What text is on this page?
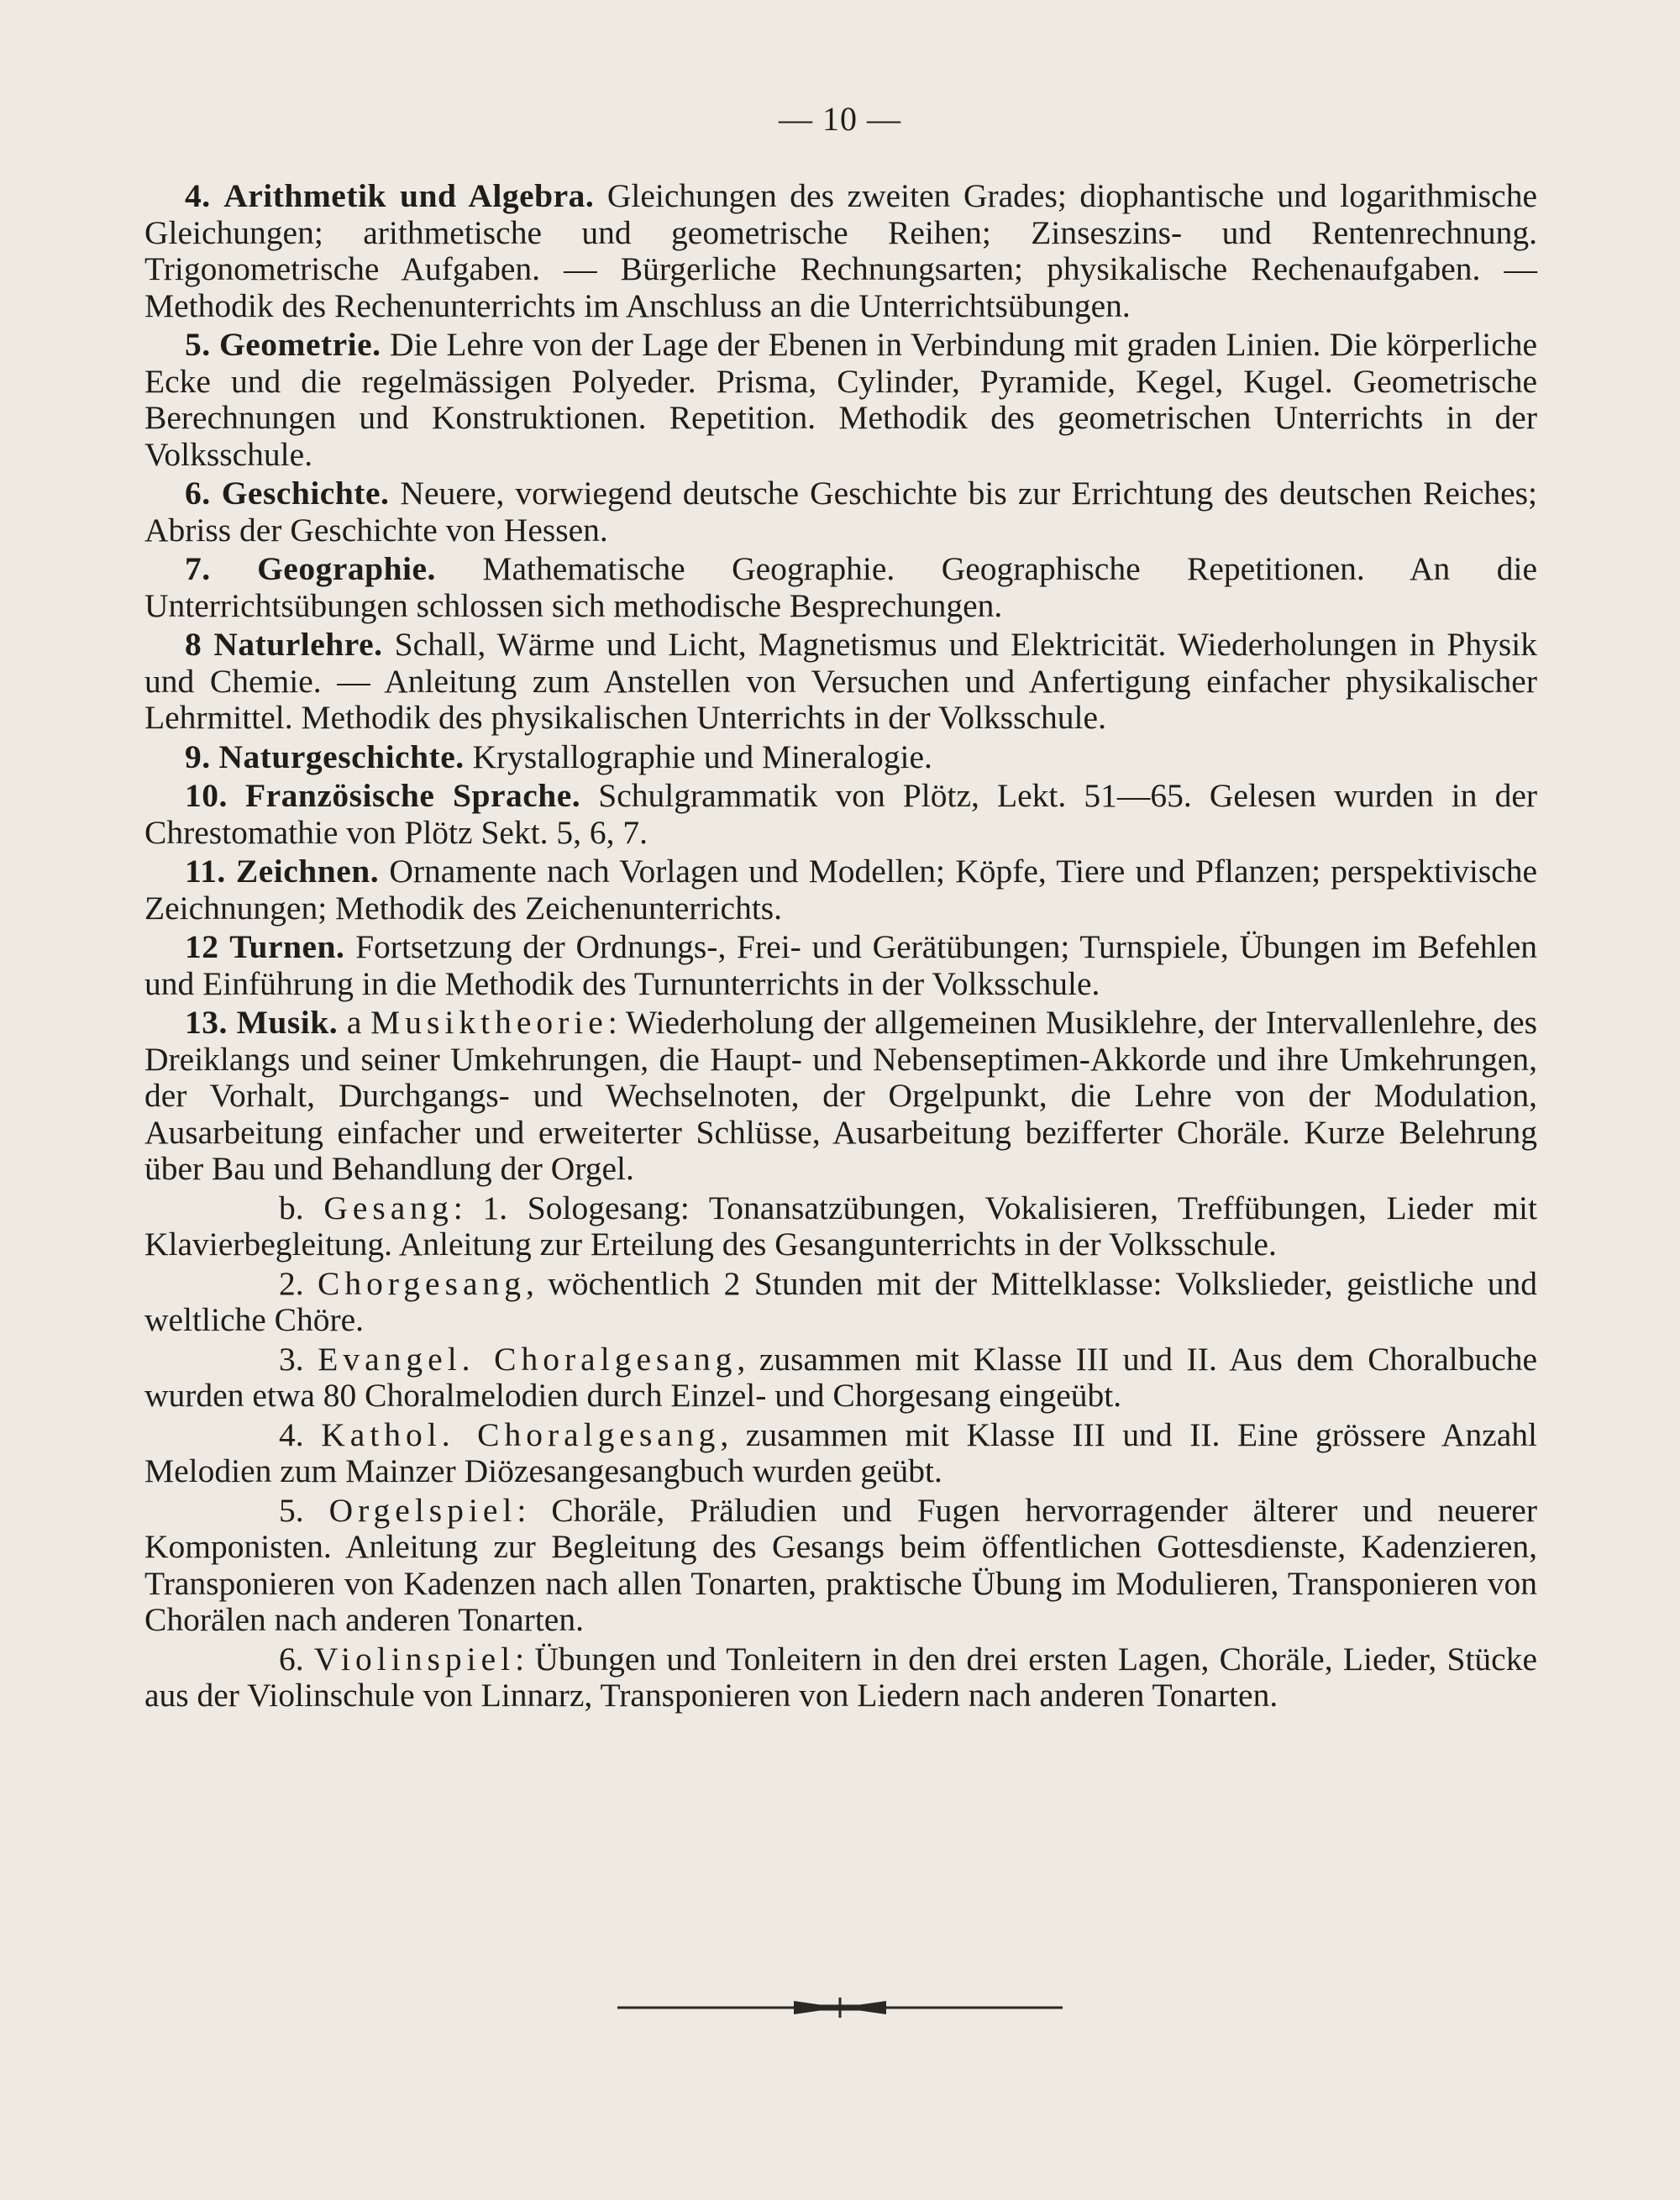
— 10 —

4. Arithmetik und Algebra. Gleichungen des zweiten Grades; diophantische und logarithmische Gleichungen; arithmetische und geometrische Reihen; Zinseszins- und Rentenrechnung. Trigonometrische Aufgaben. — Bürgerliche Rechnungsarten; physikalische Rechenaufgaben. — Methodik des Rechenunterrichts im Anschluss an die Unterrichtsübungen.

5. Geometrie. Die Lehre von der Lage der Ebenen in Verbindung mit graden Linien. Die körperliche Ecke und die regelmässigen Polyeder. Prisma, Cylinder, Pyramide, Kegel, Kugel. Geometrische Berechnungen und Konstruktionen. Repetition. Methodik des geometrischen Unterrichts in der Volksschule.

6. Geschichte. Neuere, vorwiegend deutsche Geschichte bis zur Errichtung des deutschen Reiches; Abriss der Geschichte von Hessen.

7. Geographie. Mathematische Geographie. Geographische Repetitionen. An die Unterrichtsübungen schlossen sich methodische Besprechungen.

8 Naturlehre. Schall, Wärme und Licht, Magnetismus und Elektricität. Wiederholungen in Physik und Chemie. — Anleitung zum Anstellen von Versuchen und Anfertigung einfacher physikalischer Lehrmittel. Methodik des physikalischen Unterrichts in der Volksschule.

9. Naturgeschichte. Krystallographie und Mineralogie.

10. Französische Sprache. Schulgrammatik von Plötz, Lekt. 51—65. Gelesen wurden in der Chrestomathie von Plötz Sekt. 5, 6, 7.

11. Zeichnen. Ornamente nach Vorlagen und Modellen; Köpfe, Tiere und Pflanzen; perspektivische Zeichnungen; Methodik des Zeichenunterrichts.

12 Turnen. Fortsetzung der Ordnungs-, Frei- und Gerätübungen; Turnspiele, Übungen im Befehlen und Einführung in die Methodik des Turnunterrichts in der Volksschule.

13. Musik. a Musiktheorie: Wiederholung der allgemeinen Musiklehre, der Intervallenlehre, des Dreiklangs und seiner Umkehrungen, die Haupt- und Nebenseptimen-Akkorde und ihre Umkehrungen, der Vorhalt, Durchgangs- und Wechselnoten, der Orgelpunkt, die Lehre von der Modulation, Ausarbeitung einfacher und erweiterter Schlüsse, Ausarbeitung bezifferter Choräle. Kurze Belehrung über Bau und Behandlung der Orgel.

b. Gesang: 1. Sologesang: Tonansatzübungen, Vokalisieren, Treffübungen, Lieder mit Klavierbegleitung. Anleitung zur Erteilung des Gesangunterrichts in der Volksschule.

2. Chorgesang, wöchentlich 2 Stunden mit der Mittelklasse: Volkslieder, geistliche und weltliche Chöre.

3. Evangel. Choralgesang, zusammen mit Klasse III und II. Aus dem Choralbuche wurden etwa 80 Choralmelodien durch Einzel- und Chorgesang eingeübt.

4. Kathol. Choralgesang, zusammen mit Klasse III und II. Eine grössere Anzahl Melodien zum Mainzer Diözesangesangbuch wurden geübt.

5. Orgelspiel: Choräle, Präludien und Fugen hervorragender älterer und neuerer Komponisten. Anleitung zur Begleitung des Gesangs beim öffentlichen Gottesdienste, Kadenzieren, Transponieren von Kadenzen nach allen Tonarten, praktische Übung im Modulieren, Transponieren von Chorälen nach anderen Tonarten.

6. Violinspiel: Übungen und Tonleitern in den drei ersten Lagen, Choräle, Lieder, Stücke aus der Violinschule von Linnarz, Transponieren von Liedern nach anderen Tonarten.
